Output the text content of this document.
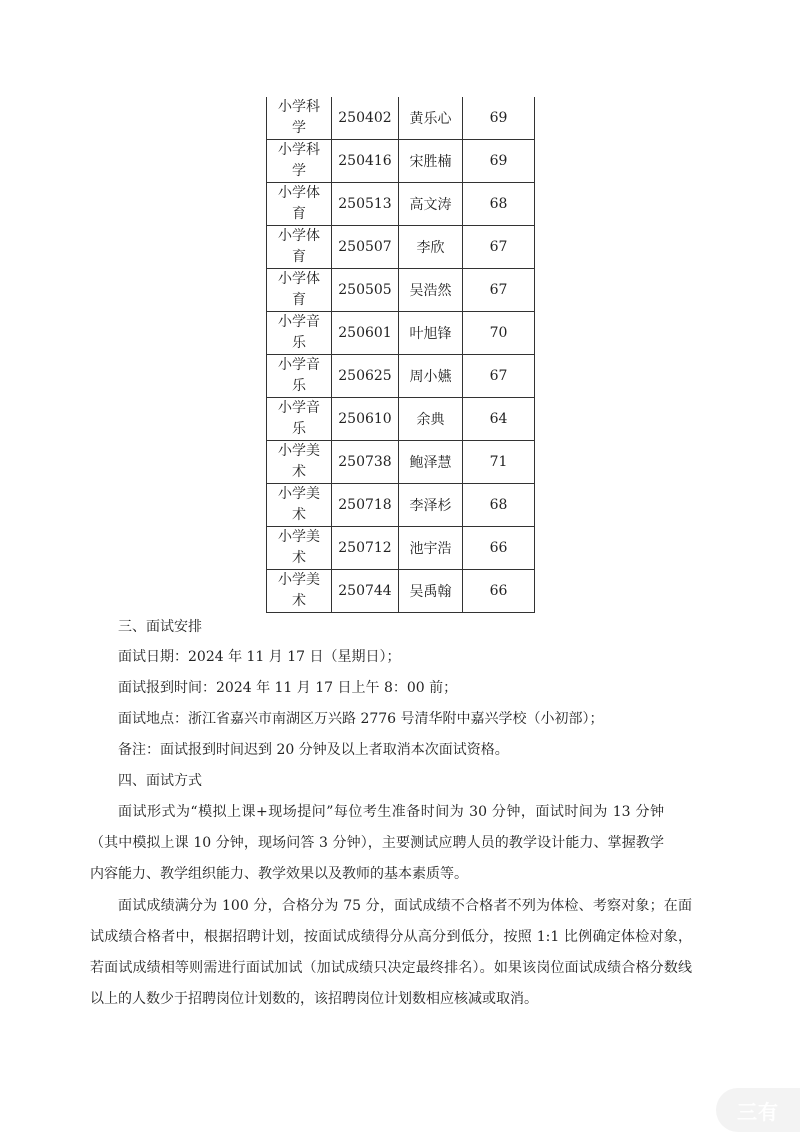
小学科学	250402	黄乐心	69
小学科学	250416	宋胜楠	69
小学体育	250513	高文涛	68
小学体育	250507	李欣	67
小学体育	250505	吴浩然	67
小学音乐	250601	叶旭锋	70
小学音乐	250625	周小嬿	67
小学音乐	250610	余典	64
小学美术	250738	鲍泽慧	71
小学美术	250718	李泽杉	68
小学美术	250712	池宇浩	66
小学美术	250744	吴禹翰	66

三、面试安排

面试日期：2024 年 11 月 17 日（星期日）；

面试报到时间：2024 年 11 月 17 日上午 8：00 前；

面试地点：浙江省嘉兴市南湖区万兴路 2776 号清华附中嘉兴学校（小初部）；

备注：面试报到时间迟到 20 分钟及以上者取消本次面试资格。

四、面试方式

面试形式为“模拟上课+现场提问”每位考生准备时间为 30 分钟，面试时间为 13 分钟（其中模拟上课 10 分钟，现场问答 3 分钟），主要测试应聘人员的教学设计能力、掌握教学内容能力、教学组织能力、教学效果以及教师的基本素质等。

面试成绩满分为 100 分，合格分为 75 分，面试成绩不合格者不列为体检、考察对象；在面试成绩合格者中，根据招聘计划，按面试成绩得分从高分到低分，按照 1:1 比例确定体检对象，若面试成绩相等则需进行面试加试（加试成绩只决定最终排名）。如果该岗位面试成绩合格分数线以上的人数少于招聘岗位计划数的，该招聘岗位计划数相应核减或取消。

三有
